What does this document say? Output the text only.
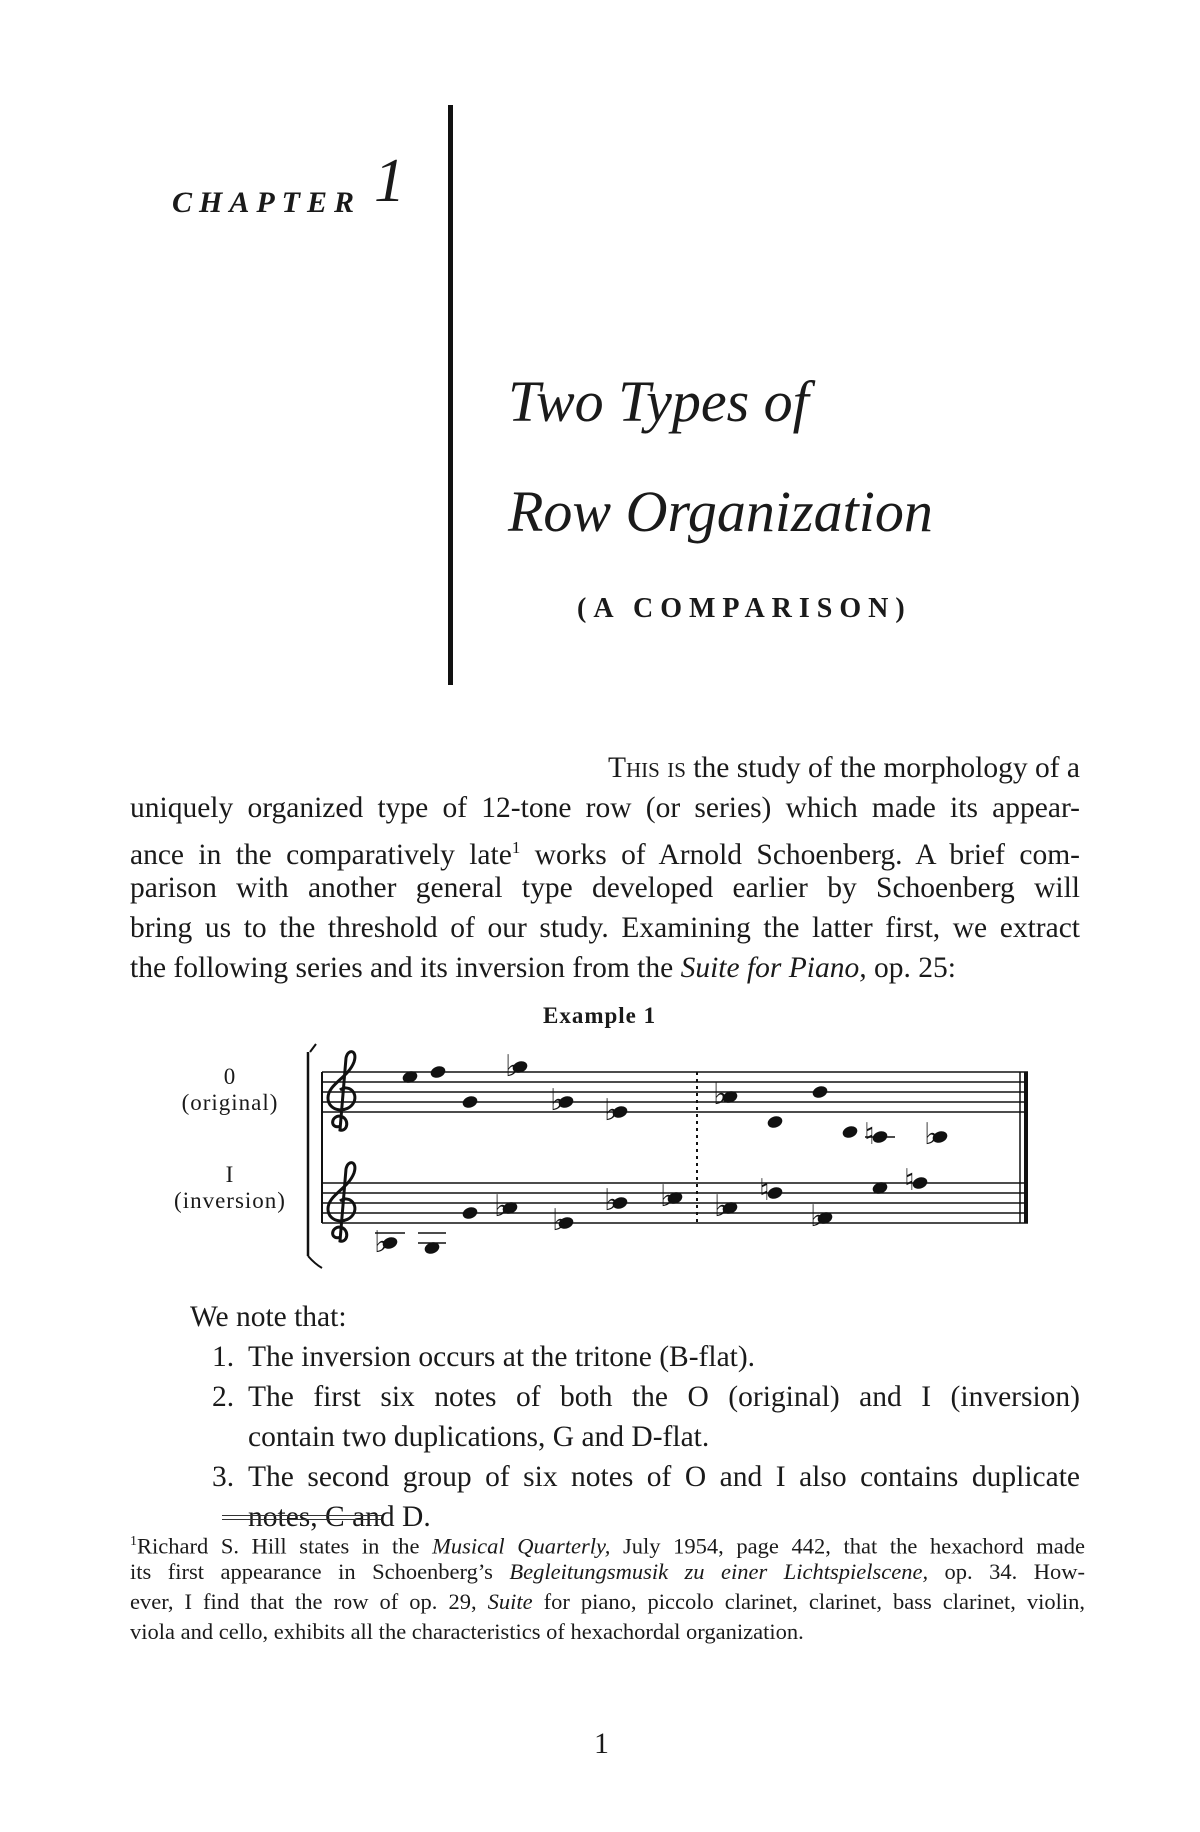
CHAPTER 1
Two Types of
Row Organization
(A COMPARISON)
This is the study of the morphology of a
uniquely organized type of 12-tone row (or series) which made its appear-
ance in the comparatively late$^1$ works of Arnold Schoenberg. A brief com-
parison with another general type developed earlier by Schoenberg will
bring us to the threshold of our study. Examining the latter first, we extract
the following series and its inversion from the Suite for Piano, op. 25:
Example 1
0
(original)
I
(inversion)
♭
♭ ♭	♭
♮ ♭
♭
♭ ♭
♭ ♭ ♭ ♮
♭
♮
We note that:
1. The inversion occurs at the tritone (B-flat).
2. The first six notes of both the O (original) and I (inversion)
contain two duplications, G and D-flat.
3. The second group of six notes of O and I also contains duplicate
notes, C and D.
$^1$Richard S. Hill states in the Musical Quarterly, July 1954, page 442, that the hexachord made
its first appearance in Schoenberg’s Begleitungsmusik zu einer Lichtspielscene, op. 34. How-
ever, I find that the row of op. 29, Suite for piano, piccolo clarinet, clarinet, bass clarinet, violin,
viola and cello, exhibits all the characteristics of hexachordal organization.
1
